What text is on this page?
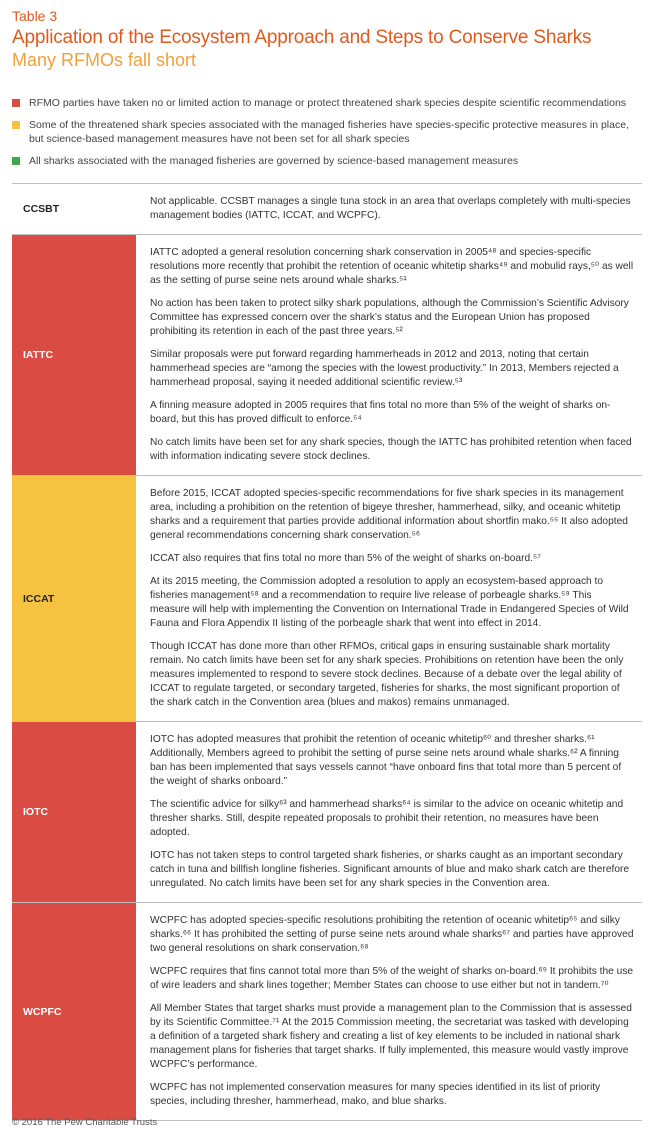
Table 3
Application of the Ecosystem Approach and Steps to Conserve Sharks
Many RFMOs fall short
RFMO parties have taken no or limited action to manage or protect threatened shark species despite scientific recommendations
Some of the threatened shark species associated with the managed fisheries have species-specific protective measures in place, but science-based management measures have not been set for all shark species
All sharks associated with the managed fisheries are governed by science-based management measures
CCSBT

Not applicable. CCSBT manages a single tuna stock in an area that overlaps completely with multi-species management bodies (IATTC, ICCAT, and WCPFC).

IATTC

IATTC adopted a general resolution concerning shark conservation in 2005⁴⁸ and species-specific resolutions more recently that prohibit the retention of oceanic whitetip sharks⁴⁹ and mobulid rays,⁵⁰ as well as the setting of purse seine nets around whale sharks.⁵¹

No action has been taken to protect silky shark populations, although the Commission’s Scientific Advisory Committee has expressed concern over the shark’s status and the European Union has proposed prohibiting its retention in each of the past three years.⁵²

Similar proposals were put forward regarding hammerheads in 2012 and 2013, noting that certain hammerhead species are “among the species with the lowest productivity.” In 2013, Members rejected a hammerhead proposal, saying it needed additional scientific review.⁵³

A finning measure adopted in 2005 requires that fins total no more than 5% of the weight of sharks on-board, but this has proved difficult to enforce.⁵⁴

No catch limits have been set for any shark species, though the IATTC has prohibited retention when faced with information indicating severe stock declines.

ICCAT

Before 2015, ICCAT adopted species-specific recommendations for five shark species in its management area, including a prohibition on the retention of bigeye thresher, hammerhead, silky, and oceanic whitetip sharks and a requirement that parties provide additional information about shortfin mako.⁵⁵ It also adopted general recommendations concerning shark conservation.⁵⁶

ICCAT also requires that fins total no more than 5% of the weight of sharks on-board.⁵⁷

At its 2015 meeting, the Commission adopted a resolution to apply an ecosystem-based approach to fisheries management⁵⁸ and a recommendation to require live release of porbeagle sharks.⁵⁹ This measure will help with implementing the Convention on International Trade in Endangered Species of Wild Fauna and Flora Appendix II listing of the porbeagle shark that went into effect in 2014.

Though ICCAT has done more than other RFMOs, critical gaps in ensuring sustainable shark mortality remain. No catch limits have been set for any shark species. Prohibitions on retention have been the only measures implemented to respond to severe stock declines. Because of a debate over the legal ability of ICCAT to regulate targeted, or secondary targeted, fisheries for sharks, the most significant proportion of the shark catch in the Convention area (blues and makos) remains unmanaged.

IOTC

IOTC has adopted measures that prohibit the retention of oceanic whitetip⁶⁰ and thresher sharks.⁶¹ Additionally, Members agreed to prohibit the setting of purse seine nets around whale sharks.⁶² A finning ban has been implemented that says vessels cannot “have onboard fins that total more than 5 percent of the weight of sharks onboard.”

The scientific advice for silky⁶³ and hammerhead sharks⁶⁴ is similar to the advice on oceanic whitetip and thresher sharks. Still, despite repeated proposals to prohibit their retention, no measures have been adopted.

IOTC has not taken steps to control targeted shark fisheries, or sharks caught as an important secondary catch in tuna and billfish longline fisheries. Significant amounts of blue and mako shark catch are therefore unregulated. No catch limits have been set for any shark species in the Convention area.

WCPFC

WCPFC has adopted species-specific resolutions prohibiting the retention of oceanic whitetip⁶⁵ and silky sharks.⁶⁶ It has prohibited the setting of purse seine nets around whale sharks⁶⁷ and parties have approved two general resolutions on shark conservation.⁶⁸

WCPFC requires that fins cannot total more than 5% of the weight of sharks on-board.⁶⁹ It prohibits the use of wire leaders and shark lines together; Member States can choose to use either but not in tandem.⁷⁰

All Member States that target sharks must provide a management plan to the Commission that is assessed by its Scientific Committee.⁷¹ At the 2015 Commission meeting, the secretariat was tasked with developing a definition of a targeted shark fishery and creating a list of key elements to be included in national shark management plans for fisheries that target sharks. If fully implemented, this measure would vastly improve WCPFC’s performance.

WCPFC has not implemented conservation measures for many species identified in its list of priority species, including thresher, hammerhead, mako, and blue sharks.

© 2016 The Pew Charitable Trusts
